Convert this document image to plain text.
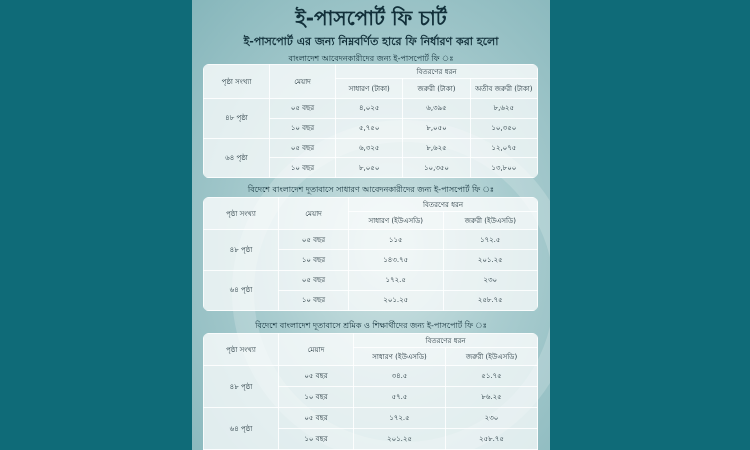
ই-পাসপোর্ট ফি চার্ট
ই-পাসপোর্ট এর জন্য নিম্নবর্ণিত হারে ফি নির্ধারণ করা হলো
বাংলাদেশ আবেদনকারীদের জন্য ই-পাসপোর্ট ফি ঃ
পৃষ্ঠা সংখ্যা	মেয়াদ	বিতরণের ধরন		
		সাধারণ (টাকা)	জরুরী (টাকা)	অতীব জরুরী (টাকা)
৪৮ পৃষ্ঠা	০৫ বছর	৪,০২৫	৬,৩৯৫	৮,৬২৫
	১০ বছর	৫,৭৫০	৮,০৫০	১০,৩৫০
৬৪ পৃষ্ঠা	০৫ বছর	৬,৩২৫	৮,৬২৫	১২,০৭৫
	১০ বছর	৮,০৫০	১০,৩৫০	১৩,৮০০
বিদেশে বাংলাদেশ দূতাবাসে সাধারণ আবেদনকারীদের জন্য ই-পাসপোর্ট ফি ঃ
পৃষ্ঠা সংখ্যা	মেয়াদ	বিতরণের ধরন	
		সাধারণ (ইউএসডি)	জরুরী (ইউএসডি)
৪৮ পৃষ্ঠা	০৫ বছর	১১৫	১৭২.৫
	১০ বছর	১৪৩.৭৫	২০১.২৫
৬৪ পৃষ্ঠা	০৫ বছর	১৭২.৫	২৩০
	১০ বছর	২০১.২৫	২৫৮.৭৫
বিদেশে বাংলাদেশ দূতাবাসে শ্রমিক ও শিক্ষার্থীদের জন্য ই-পাসপোর্ট ফি ঃ
পৃষ্ঠা সংখ্যা	মেয়াদ	বিতরণের ধরন	
		সাধারণ (ইউএসডি)	জরুরী (ইউএসডি)
৪৮ পৃষ্ঠা	০৫ বছর	৩৪.৫	৫১.৭৫
	১০ বছর	৫৭.৫	৮৬.২৫
৬৪ পৃষ্ঠা	০৫ বছর	১৭২.৫	২৩০
	১০ বছর	২০১.২৫	২৫৮.৭৫
